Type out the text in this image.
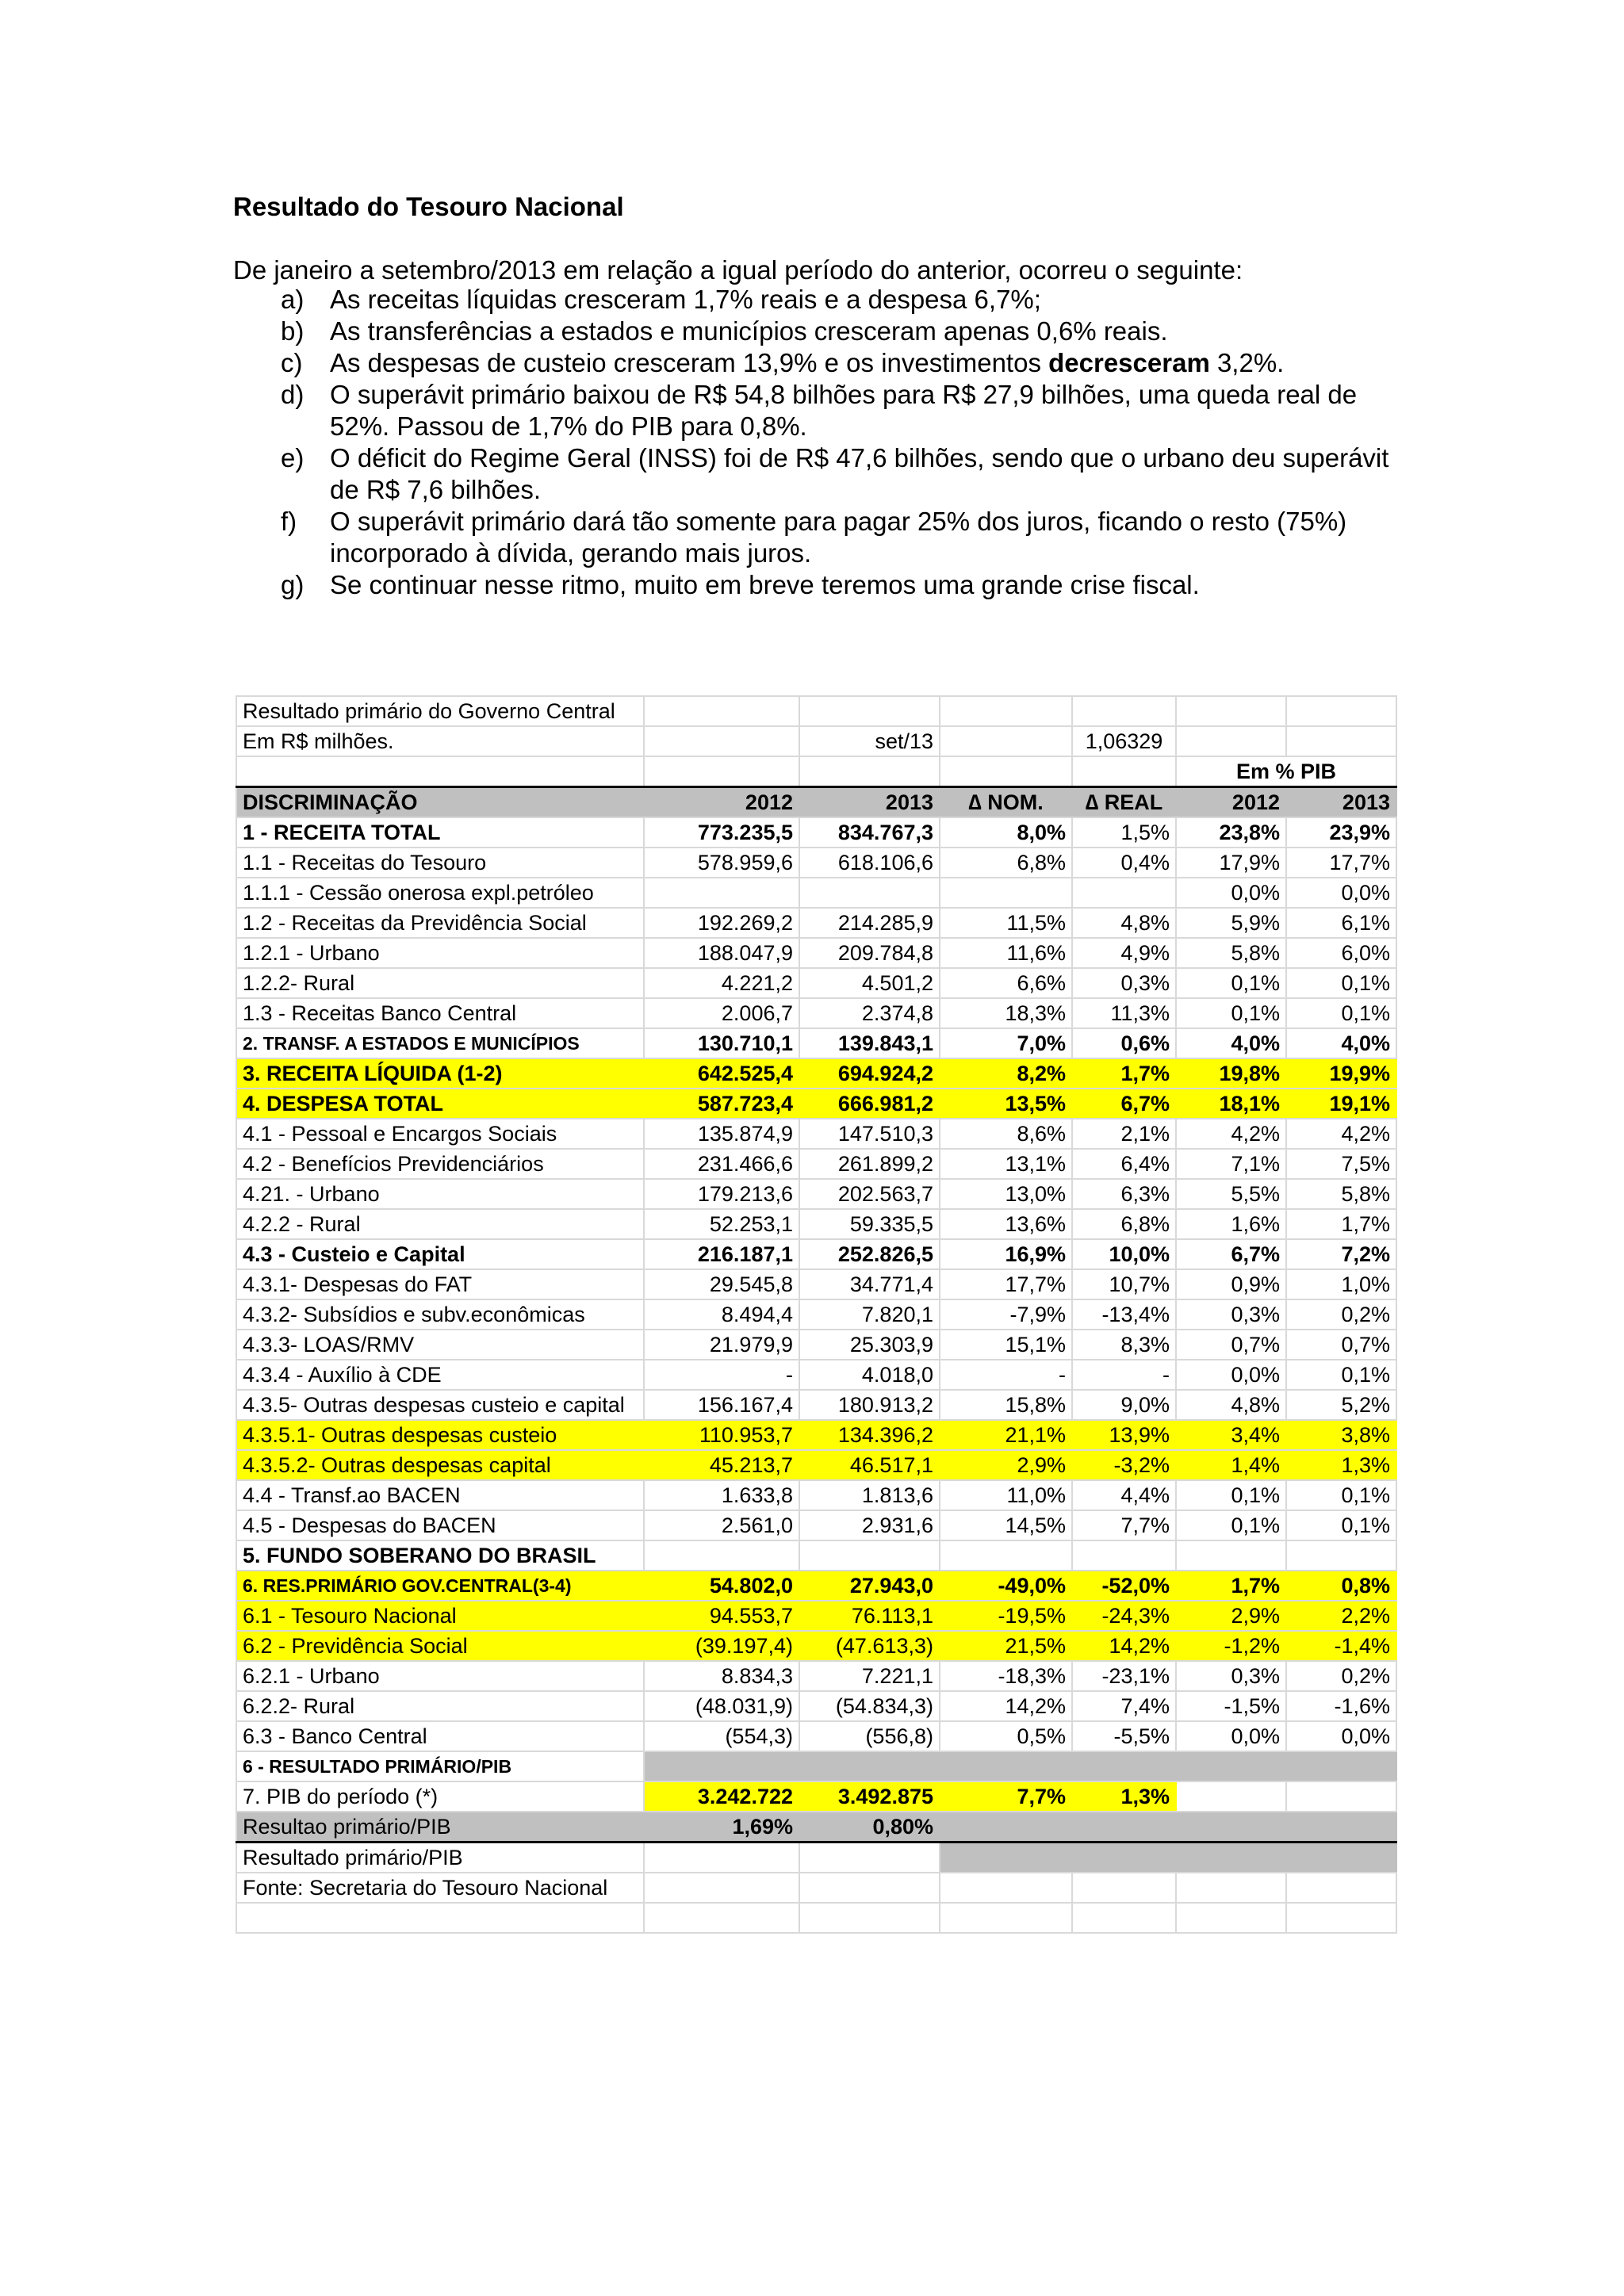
Resultado do Tesouro Nacional

De janeiro a setembro/2013 em relação a igual período do anterior, ocorreu o seguinte:

a) As receitas líquidas cresceram 1,7% reais e a despesa 6,7%;
b) As transferências a estados e municípios cresceram apenas 0,6% reais.
c) As despesas de custeio cresceram 13,9% e os investimentos decresceram 3,2%.
d) O superávit primário baixou de R$ 54,8 bilhões para R$ 27,9 bilhões, uma queda real de 52%. Passou de 1,7% do PIB para 0,8%.
e) O déficit do Regime Geral (INSS) foi de R$ 47,6 bilhões, sendo que o urbano deu superávit de R$ 7,6 bilhões.
f) O superávit primário dará tão somente para pagar 25% dos juros, ficando o resto (75%) incorporado à dívida, gerando mais juros.
g) Se continuar nesse ritmo, muito em breve teremos uma grande crise fiscal.
Resultado primário do Governo Central						
Em R$ milhões.		set/13		1,06329		
					Em % PIB	
DISCRIMINAÇÃO	2012	2013	∆ NOM.	∆ REAL	2012	2013
1 - RECEITA TOTAL	773.235,5	834.767,3	8,0%	1,5%	23,8%	23,9%
1.1 - Receitas do Tesouro	578.959,6	618.106,6	6,8%	0,4%	17,9%	17,7%
1.1.1 - Cessão onerosa expl.petróleo					0,0%	0,0%
1.2 - Receitas da Previdência Social	192.269,2	214.285,9	11,5%	4,8%	5,9%	6,1%
1.2.1 - Urbano	188.047,9	209.784,8	11,6%	4,9%	5,8%	6,0%
1.2.2- Rural	4.221,2	4.501,2	6,6%	0,3%	0,1%	0,1%
1.3 - Receitas Banco Central	2.006,7	2.374,8	18,3%	11,3%	0,1%	0,1%
2. TRANSF. A ESTADOS E MUNICÍPIOS	130.710,1	139.843,1	7,0%	0,6%	4,0%	4,0%
3. RECEITA LÍQUIDA (1-2)	642.525,4	694.924,2	8,2%	1,7%	19,8%	19,9%
4. DESPESA TOTAL	587.723,4	666.981,2	13,5%	6,7%	18,1%	19,1%
4.1 - Pessoal e Encargos Sociais	135.874,9	147.510,3	8,6%	2,1%	4,2%	4,2%
4.2 - Benefícios Previdenciários	231.466,6	261.899,2	13,1%	6,4%	7,1%	7,5%
4.21. - Urbano	179.213,6	202.563,7	13,0%	6,3%	5,5%	5,8%
4.2.2 - Rural	52.253,1	59.335,5	13,6%	6,8%	1,6%	1,7%
4.3 - Custeio e Capital	216.187,1	252.826,5	16,9%	10,0%	6,7%	7,2%
4.3.1- Despesas do FAT	29.545,8	34.771,4	17,7%	10,7%	0,9%	1,0%
4.3.2- Subsídios e subv.econômicas	8.494,4	7.820,1	-7,9%	-13,4%	0,3%	0,2%
4.3.3- LOAS/RMV	21.979,9	25.303,9	15,1%	8,3%	0,7%	0,7%
4.3.4 - Auxílio à CDE	-	4.018,0	-	-	0,0%	0,1%
4.3.5- Outras despesas custeio e capital	156.167,4	180.913,2	15,8%	9,0%	4,8%	5,2%
4.3.5.1- Outras despesas custeio	110.953,7	134.396,2	21,1%	13,9%	3,4%	3,8%
4.3.5.2- Outras despesas capital	45.213,7	46.517,1	2,9%	-3,2%	1,4%	1,3%
4.4 - Transf.ao BACEN	1.633,8	1.813,6	11,0%	4,4%	0,1%	0,1%
4.5 - Despesas do BACEN	2.561,0	2.931,6	14,5%	7,7%	0,1%	0,1%
5. FUNDO SOBERANO DO BRASIL						
6. RES.PRIMÁRIO GOV.CENTRAL(3-4)	54.802,0	27.943,0	-49,0%	-52,0%	1,7%	0,8%
6.1 - Tesouro Nacional	94.553,7	76.113,1	-19,5%	-24,3%	2,9%	2,2%
6.2 - Previdência Social	(39.197,4)	(47.613,3)	21,5%	14,2%	-1,2%	-1,4%
6.2.1 - Urbano	8.834,3	7.221,1	-18,3%	-23,1%	0,3%	0,2%
6.2.2- Rural	(48.031,9)	(54.834,3)	14,2%	7,4%	-1,5%	-1,6%
6.3 - Banco Central	(554,3)	(556,8)	0,5%	-5,5%	0,0%	0,0%
6 - RESULTADO PRIMÁRIO/PIB						
7. PIB do período (*)	3.242.722	3.492.875	7,7%	1,3%		
Resultao primário/PIB	1,69%	0,80%				
Resultado primário/PIB						
Fonte: Secretaria do Tesouro Nacional						
